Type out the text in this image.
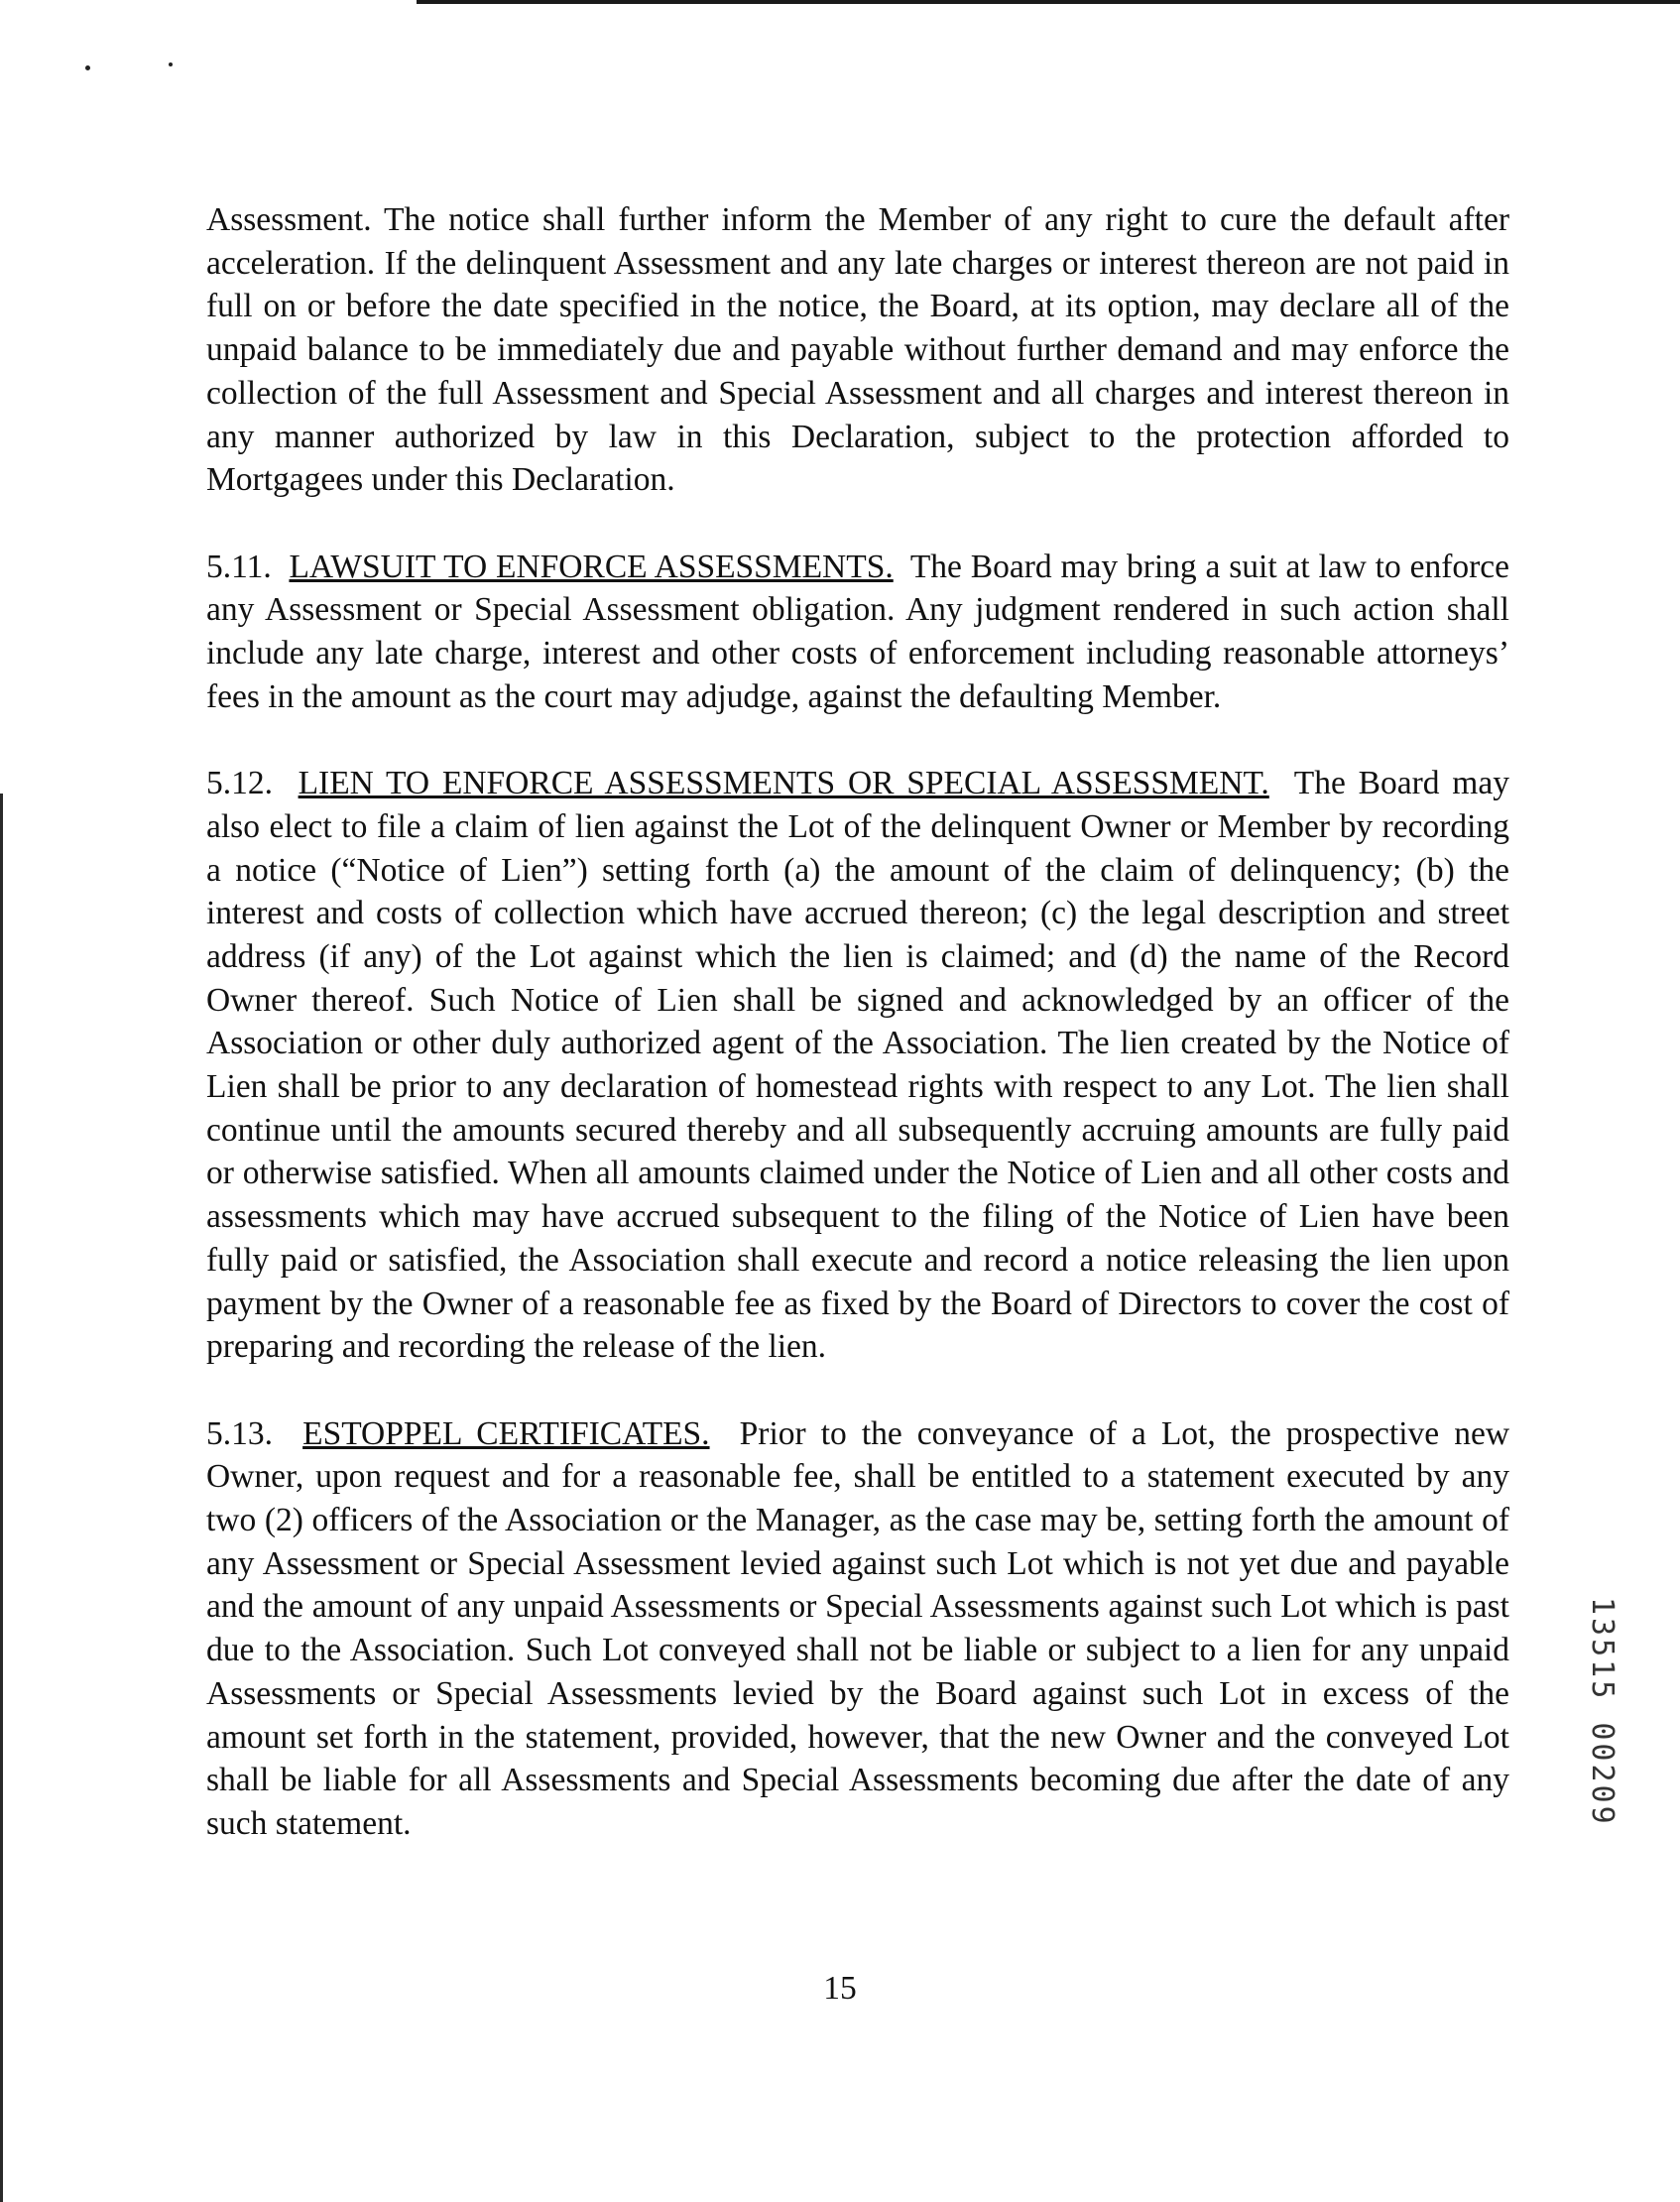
Assessment. The notice shall further inform the Member of any right to cure the default after acceleration. If the delinquent Assessment and any late charges or interest thereon are not paid in full on or before the date specified in the notice, the Board, at its option, may declare all of the unpaid balance to be immediately due and payable without further demand and may enforce the collection of the full Assessment and Special Assessment and all charges and interest thereon in any manner authorized by law in this Declaration, subject to the protection afforded to Mortgagees under this Declaration.

5.11. LAWSUIT TO ENFORCE ASSESSMENTS. The Board may bring a suit at law to enforce any Assessment or Special Assessment obligation. Any judgment rendered in such action shall include any late charge, interest and other costs of enforcement including reasonable attorneys’ fees in the amount as the court may adjudge, against the defaulting Member.

5.12. LIEN TO ENFORCE ASSESSMENTS OR SPECIAL ASSESSMENT. The Board may also elect to file a claim of lien against the Lot of the delinquent Owner or Member by recording a notice (“Notice of Lien”) setting forth (a) the amount of the claim of delinquency; (b) the interest and costs of collection which have accrued thereon; (c) the legal description and street address (if any) of the Lot against which the lien is claimed; and (d) the name of the Record Owner thereof. Such Notice of Lien shall be signed and acknowledged by an officer of the Association or other duly authorized agent of the Association. The lien created by the Notice of Lien shall be prior to any declaration of homestead rights with respect to any Lot. The lien shall continue until the amounts secured thereby and all subsequently accruing amounts are fully paid or otherwise satisfied. When all amounts claimed under the Notice of Lien and all other costs and assessments which may have accrued subsequent to the filing of the Notice of Lien have been fully paid or satisfied, the Association shall execute and record a notice releasing the lien upon payment by the Owner of a reasonable fee as fixed by the Board of Directors to cover the cost of preparing and recording the release of the lien.

5.13. ESTOPPEL CERTIFICATES. Prior to the conveyance of a Lot, the prospective new Owner, upon request and for a reasonable fee, shall be entitled to a statement executed by any two (2) officers of the Association or the Manager, as the case may be, setting forth the amount of any Assessment or Special Assessment levied against such Lot which is not yet due and payable and the amount of any unpaid Assessments or Special Assessments against such Lot which is past due to the Association. Such Lot conveyed shall not be liable or subject to a lien for any unpaid Assessments or Special Assessments levied by the Board against such Lot in excess of the amount set forth in the statement, provided, however, that the new Owner and the conveyed Lot shall be liable for all Assessments and Special Assessments becoming due after the date of any such statement.

15
13515 00209
